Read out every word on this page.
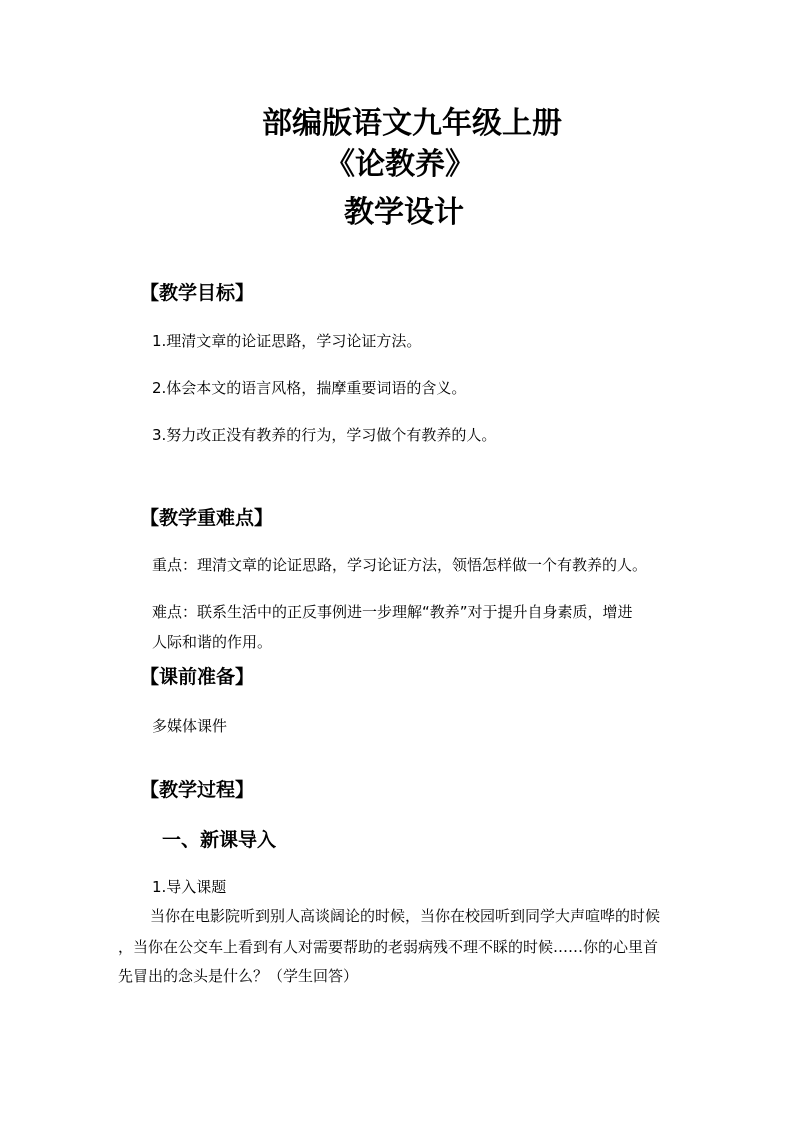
部编版语文九年级上册
《论教养》
教学设计
【教学目标】
1.理清文章的论证思路，学习论证方法。
2.体会本文的语言风格，揣摩重要词语的含义。
3.努力改正没有教养的行为，学习做个有教养的人。
【教学重难点】
重点：理清文章的论证思路，学习论证方法，领悟怎样做一个有教养的人。
难点：联系生活中的正反事例进一步理解“教养”对于提升自身素质，增进
人际和谐的作用。
【课前准备】
多媒体课件
【教学过程】
一、新课导入
1.导入课题
当你在电影院听到别人高谈阔论的时候，当你在校园听到同学大声喧哗的时候
，当你在公交车上看到有人对需要帮助的老弱病残不理不睬的时候……你的心里首
先冒出的念头是什么？（学生回答）
